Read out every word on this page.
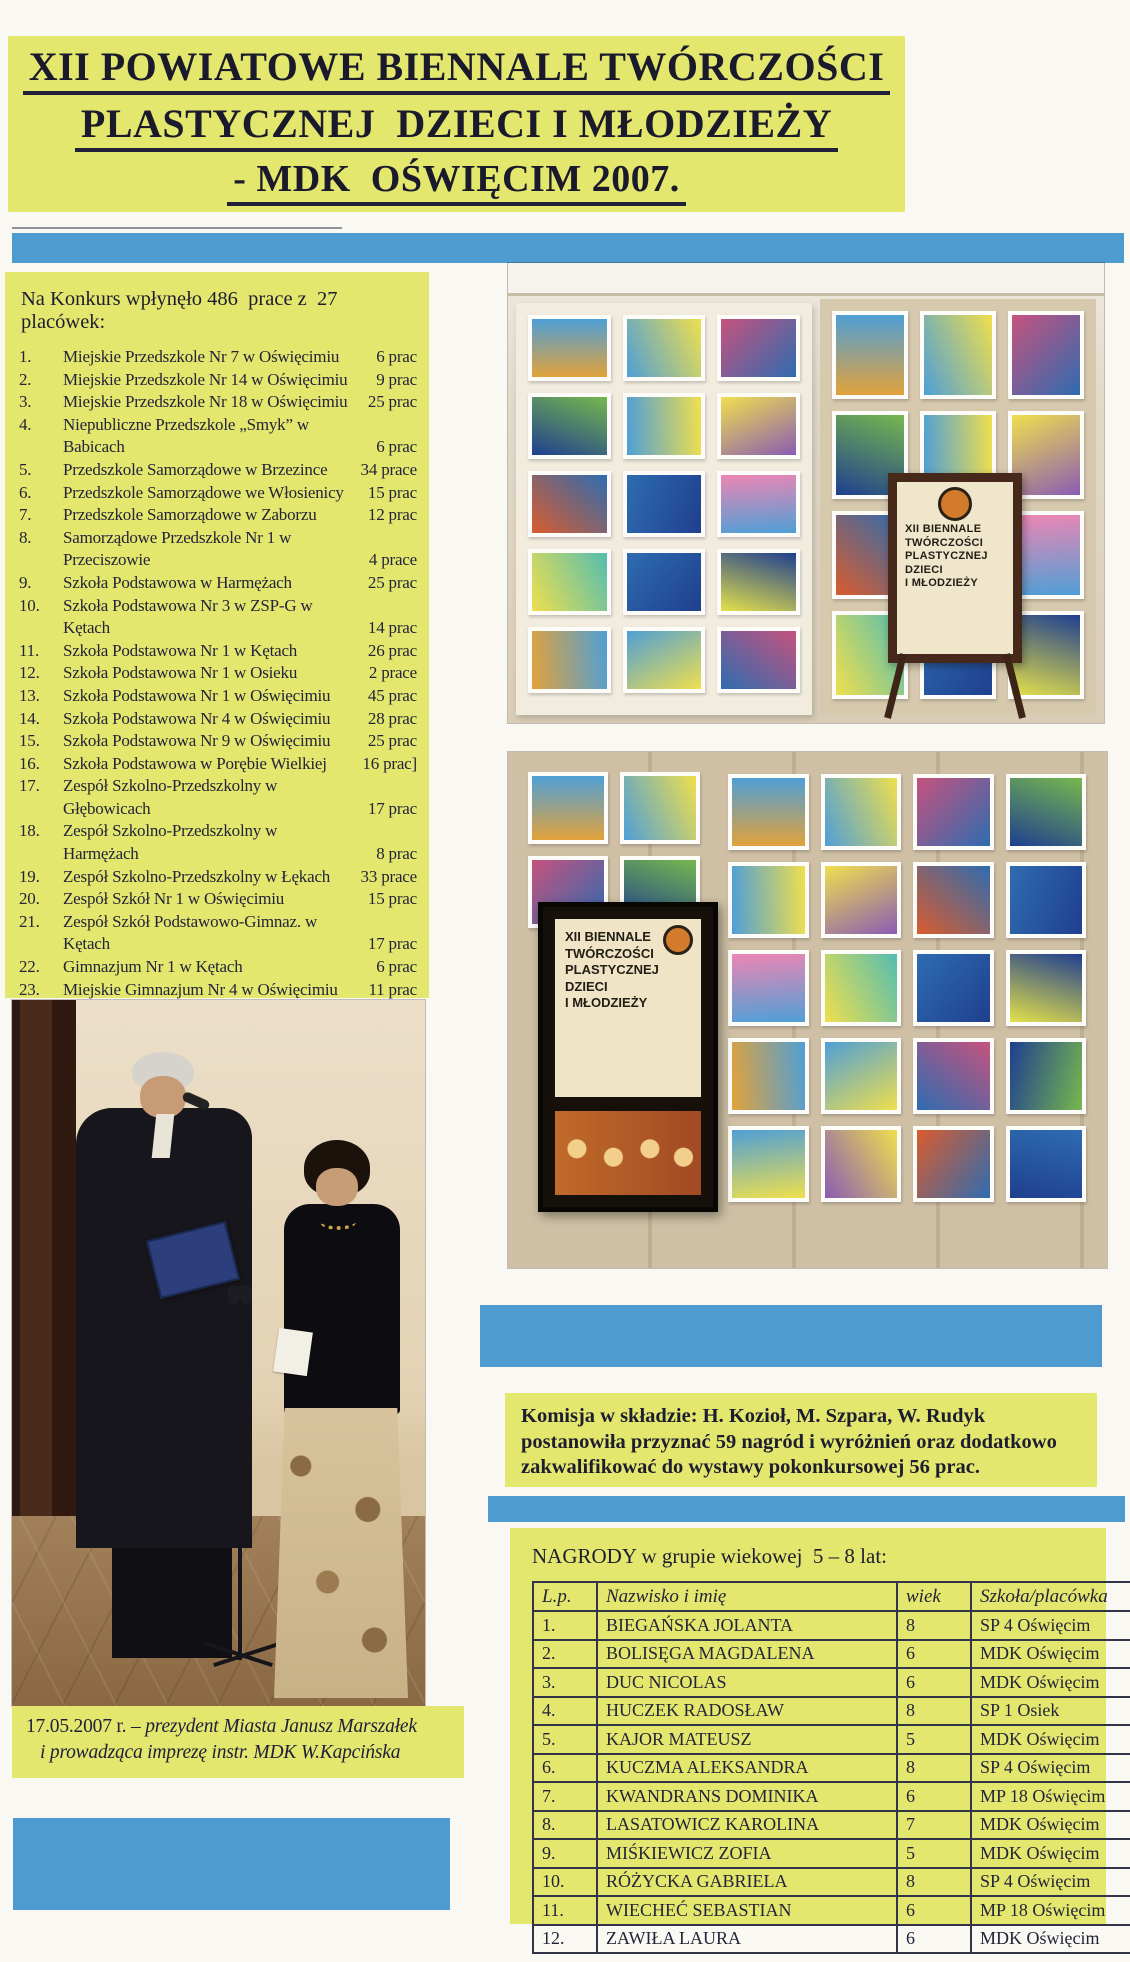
XII POWIATOWE BIENNALE TWÓRCZOŚCI
PLASTYCZNEJ  DZIECI I MŁODZIEŻY
- MDK  OŚWIĘCIM 2007.
Na Konkurs wpłynęło 486  prace z  27 placówek:
1.	Miejskie Przedszkole Nr 7 w Oświęcimiu	6 prac
2.	Miejskie Przedszkole Nr 14 w Oświęcimiu	9 prac
3.	Miejskie Przedszkole Nr 18 w Oświęcimiu	25 prac
4.	Niepubliczne Przedszkole „Smyk” w Babicach	6 prac
5.	Przedszkole Samorządowe w Brzezince	34 prace
6.	Przedszkole Samorządowe we Włosienicy	15 prac
7.	Przedszkole Samorządowe w Zaborzu	12 prac
8.	Samorządowe Przedszkole Nr 1 w Przeciszowie	4 prace
9.	Szkoła Podstawowa w Harmężach	25 prac
10.	Szkoła Podstawowa Nr 3 w ZSP-G w Kętach	14 prac
11.	Szkoła Podstawowa Nr 1 w Kętach	26 prac
12.	Szkoła Podstawowa Nr 1 w Osieku	2 prace
13.	Szkoła Podstawowa Nr 1 w Oświęcimiu	45 prac
14.	Szkoła Podstawowa Nr 4 w Oświęcimiu	28 prac
15.	Szkoła Podstawowa Nr 9 w Oświęcimiu	25 prac
16.	Szkoła Podstawowa w Porębie Wielkiej	16 prac]
17.	Zespół Szkolno-Przedszkolny w Głębowicach	17 prac
18.	Zespół Szkolno-Przedszkolny w Harmężach	8 prac
19.	Zespół Szkolno-Przedszkolny w Łękach	33 prace
20.	Zespół Szkół Nr 1 w Oświęcimiu	15 prac
21.	Zespół Szkół Podstawowo-Gimnaz. w Kętach	17 prac
22.	Gimnazjum Nr 1 w Kętach	6 prac
23.	Miejskie Gimnazjum Nr 4 w Oświęcimiu	11 prac
XII BIENNALE
TWÓRCZOŚCI
PLASTYCZNEJ
DZIECI
I MŁODZIEŻY
XII BIENNALE
TWÓRCZOŚCI
PLASTYCZNEJ
DZIECI
I MŁODZIEŻY
17.05.2007 r. – prezydent Miasta Janusz Marszałek
i prowadząca imprezę instr. MDK W.Kapcińska
Komisja w składzie: H. Kozioł, M. Szpara, W. Rudyk
postanowiła przyznać 59 nagród i wyróżnień oraz dodatkowo
zakwalifikować do wystawy pokonkursowej 56 prac.
NAGRODY w grupie wiekowej  5 – 8 lat:
L.p.	Nazwisko i imię	wiek	Szkoła/placówka
1.	BIEGAŃSKA JOLANTA	8	SP 4 Oświęcim
2.	BOLISĘGA MAGDALENA	6	MDK Oświęcim
3.	DUC NICOLAS	6	MDK Oświęcim
4.	HUCZEK RADOSŁAW	8	SP 1 Osiek
5.	KAJOR MATEUSZ	5	MDK Oświęcim
6.	KUCZMA ALEKSANDRA	8	SP 4 Oświęcim
7.	KWANDRANS DOMINIKA	6	MP 18 Oświęcim
8.	LASATOWICZ KAROLINA	7	MDK Oświęcim
9.	MIŚKIEWICZ ZOFIA	5	MDK Oświęcim
10.	RÓŻYCKA GABRIELA	8	SP 4 Oświęcim
11.	WIECHEĆ SEBASTIAN	6	MP 18 Oświęcim
12.	ZAWIŁA LAURA	6	MDK Oświęcim
